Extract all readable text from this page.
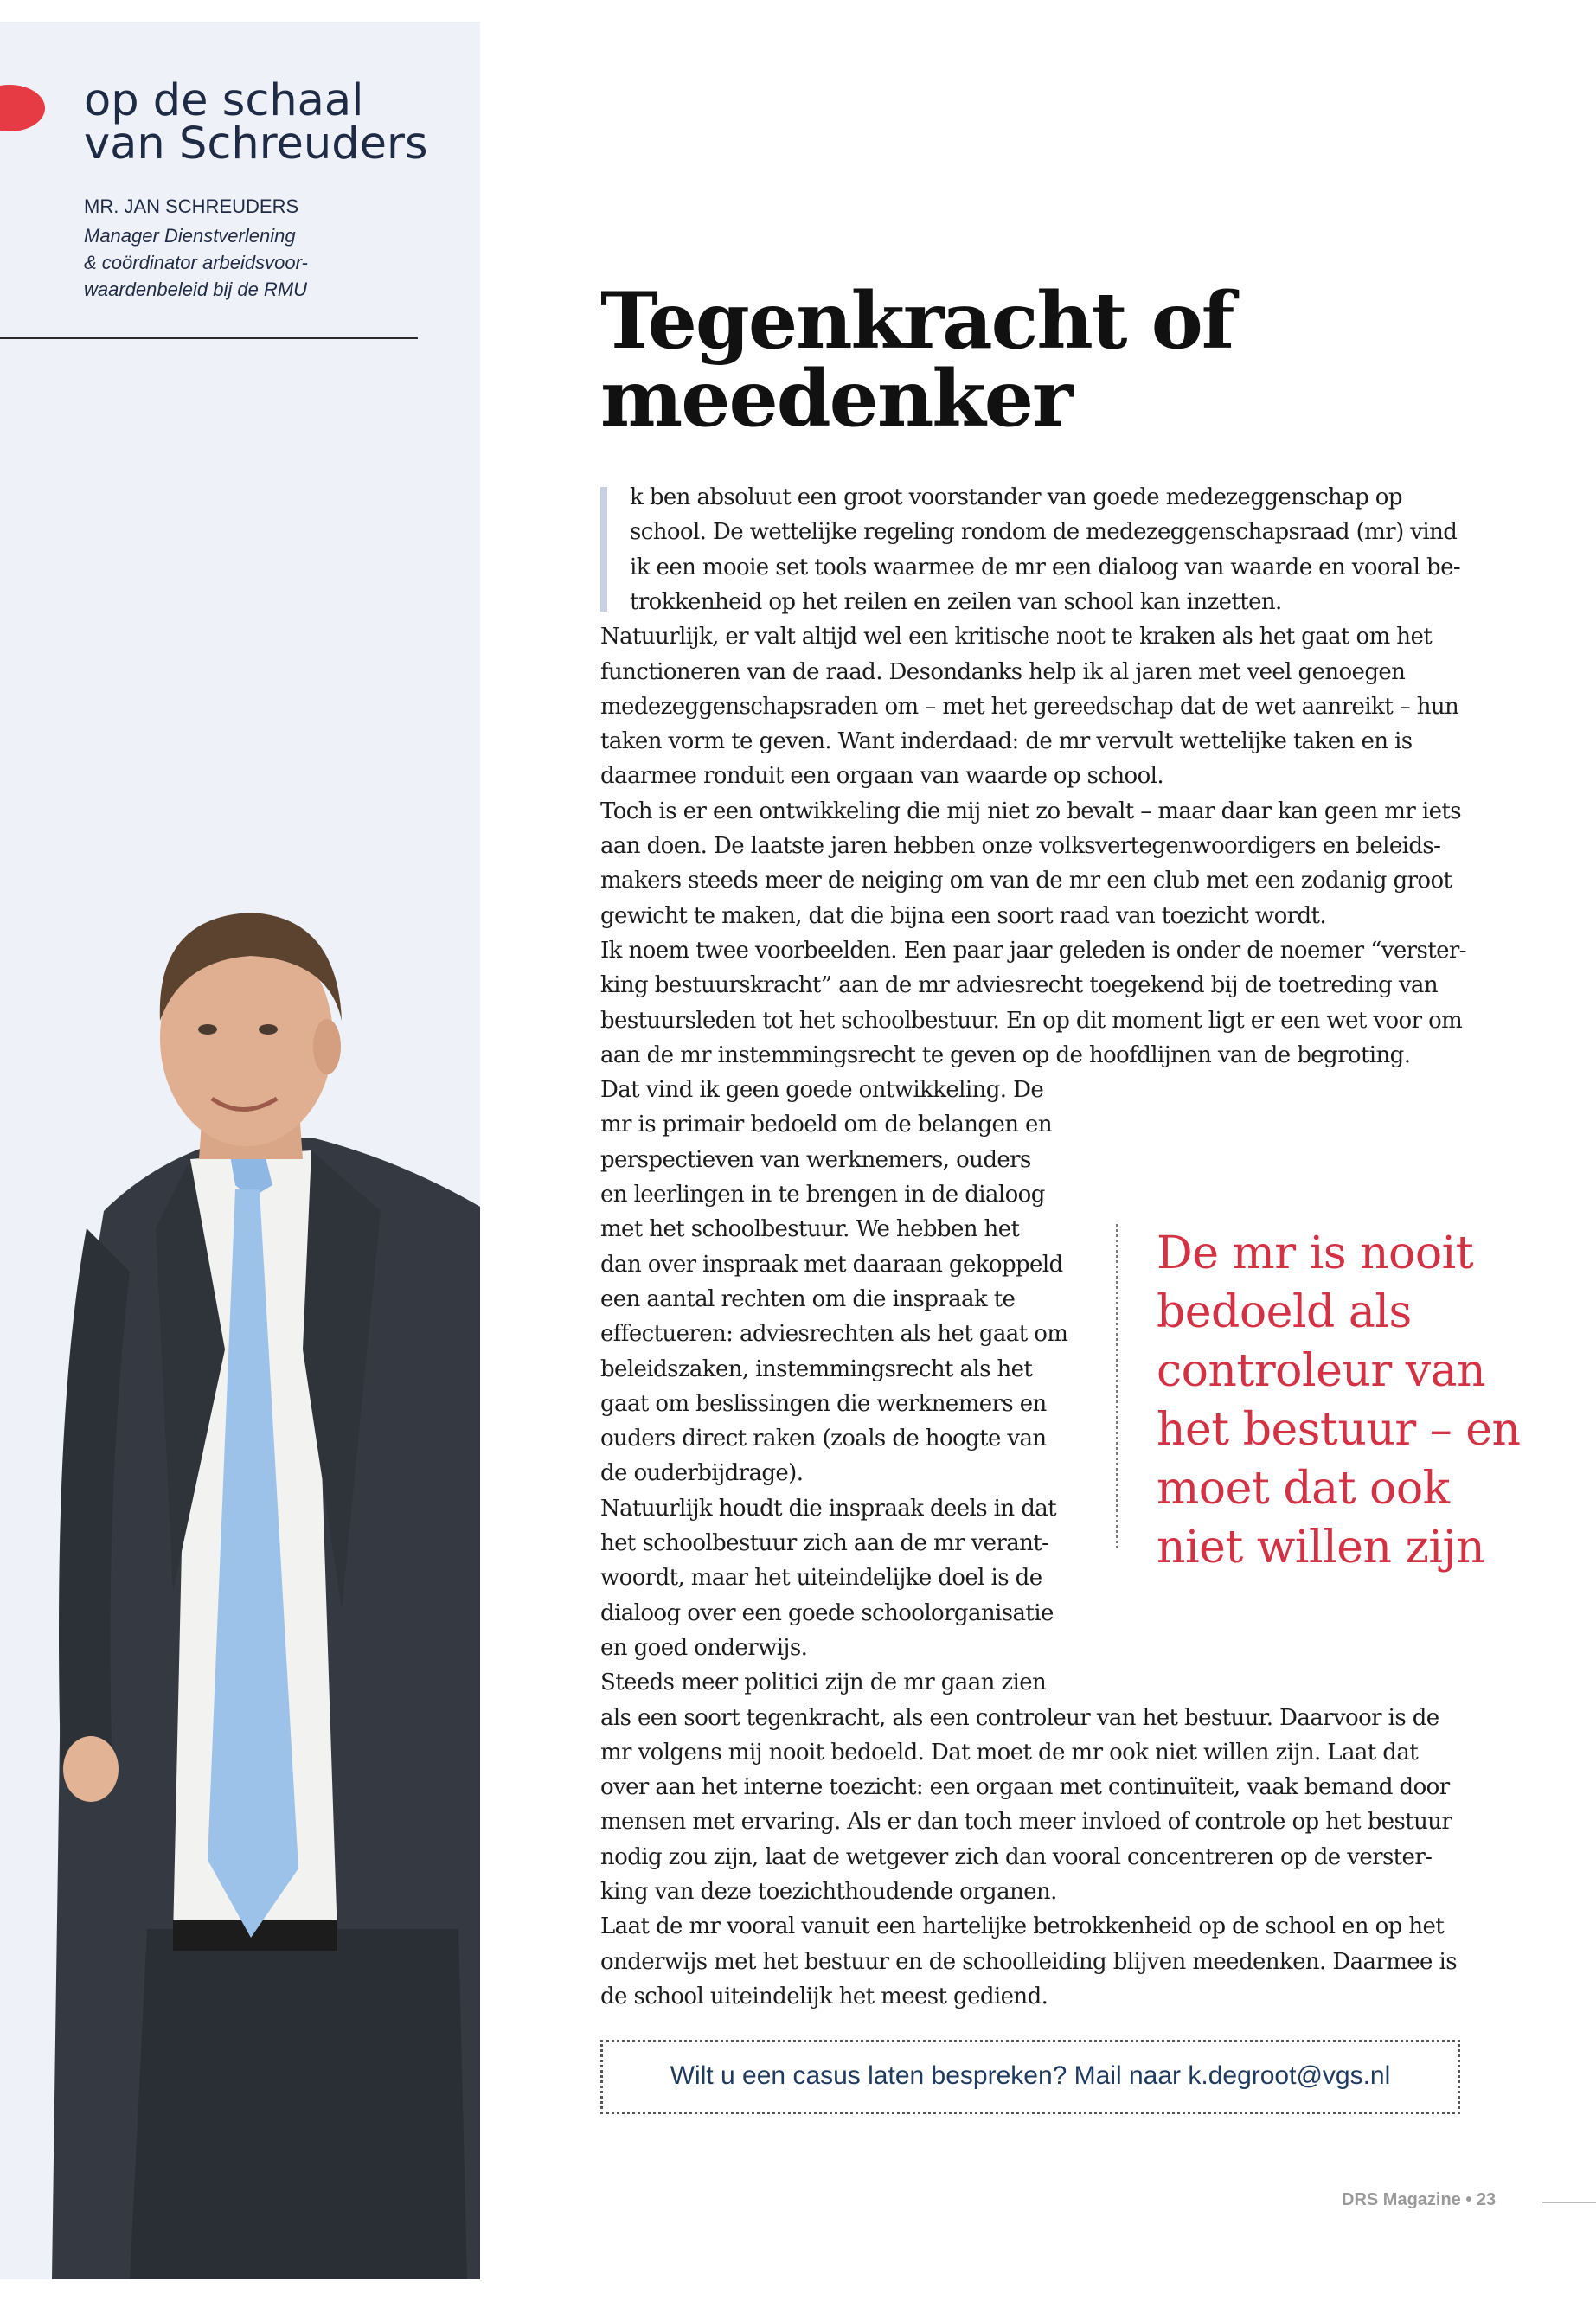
op de schaal
van Schreuders
MR. JAN SCHREUDERS
Manager Dienstverlening
& coördinator arbeidsvoor-
waardenbeleid bij de RMU	Tegenkracht of
meedenker
k ben absoluut een groot voorstander van goede medezeggenschap op
school. De wettelijke regeling rondom de medezeggenschapsraad (mr) vind
ik een mooie set tools waarmee de mr een dialoog van waarde en vooral be-
trokkenheid op het reilen en zeilen van school kan inzetten.
Natuurlijk, er valt altijd wel een kritische noot te kraken als het gaat om het
functioneren van de raad. Desondanks help ik al jaren met veel genoegen
medezeggenschapsraden om – met het gereedschap dat de wet aanreikt – hun
taken vorm te geven. Want inderdaad: de mr vervult wettelijke taken en is
daarmee ronduit een orgaan van waarde op school.
Toch is er een ontwikkeling die mij niet zo bevalt – maar daar kan geen mr iets
aan doen. De laatste jaren hebben onze volksvertegenwoordigers en beleids-
makers steeds meer de neiging om van de mr een club met een zodanig groot
gewicht te maken, dat die bijna een soort raad van toezicht wordt.
Ik noem twee voorbeelden. Een paar jaar geleden is onder de noemer “verster-
king bestuurskracht” aan de mr adviesrecht toegekend bij de toetreding van
bestuursleden tot het schoolbestuur. En op dit moment ligt er een wet voor om
aan de mr instemmingsrecht te geven op de hoofdlijnen van de begroting.
Dat vind ik geen goede ontwikkeling. De
mr is primair bedoeld om de belangen en
perspectieven van werknemers, ouders
en leerlingen in te brengen in de dialoog
met het schoolbestuur. We hebben het
dan over inspraak met daaraan gekoppeld
een aantal rechten om die inspraak te
effectueren: adviesrechten als het gaat om
beleidszaken, instemmingsrecht als het
gaat om beslissingen die werknemers en
ouders direct raken (zoals de hoogte van
de ouderbijdrage).
Natuurlijk houdt die inspraak deels in dat
het schoolbestuur zich aan de mr verant-
woordt, maar het uiteindelijke doel is de
dialoog over een goede schoolorganisatie
en goed onderwijs.
Steeds meer politici zijn de mr gaan zien
als een soort tegenkracht, als een controleur van het bestuur. Daarvoor is de
mr volgens mij nooit bedoeld. Dat moet de mr ook niet willen zijn. Laat dat
over aan het interne toezicht: een orgaan met continuïteit, vaak bemand door
mensen met ervaring. Als er dan toch meer invloed of controle op het bestuur
nodig zou zijn, laat de wetgever zich dan vooral concentreren op de verster-
king van deze toezichthoudende organen.
Laat de mr vooral vanuit een hartelijke betrokkenheid op de school en op het
onderwijs met het bestuur en de schoolleiding blijven meedenken. Daarmee is
de school uiteindelijk het meest gediend.
De mr is nooit
bedoeld als
controleur van
het bestuur – en
moet dat ook
niet willen zijn
Wilt u een casus laten bespreken? Mail naar k.degroot@vgs.nl
DRS Magazine • 23
